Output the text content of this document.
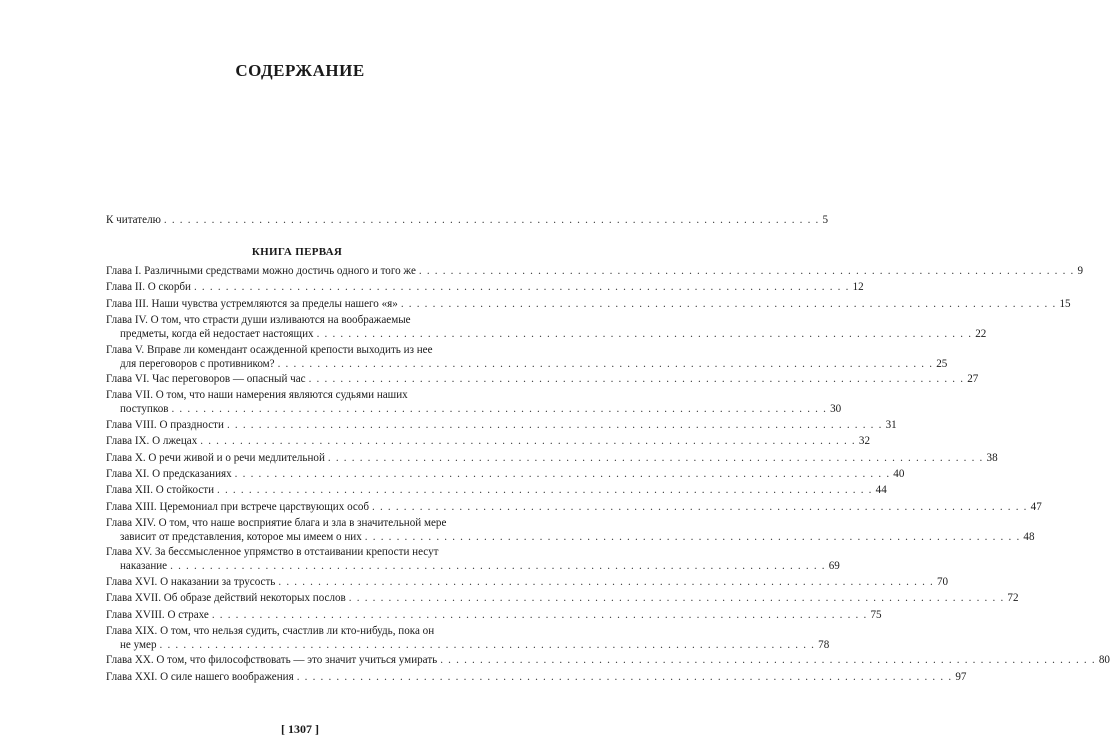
СОДЕРЖАНИЕ
К читателю . . . . . . . . . . . . . . . . . . . . . . . . . . . . . . . . . . . . . . . . . . . . . . . . . . . . . . . . . . . . . . . . . . . . . . . . . . . . . . . . . . . 5
КНИГА ПЕРВАЯ
Глава I. Различными средствами можно достичь одного и того же . . . . . . . . . . . . . . . . . . . . . . . . . . . . . . . . . . . . . . . . . . . . . . . . . . . . . . . . . . . . . . . . . . . . . . . . . . . . . . . . . . . 9
Глава II. О скорби . . . . . . . . . . . . . . . . . . . . . . . . . . . . . . . . . . . . . . . . . . . . . . . . . . . . . . . . . . . . . . . . . . . . . . . . . . . . . . . . . . . 12
Глава III. Наши чувства устремляются за пределы нашего «я» . . . . . . . . . . . . . . . . . . . . . . . . . . . . . . . . . . . . . . . . . . . . . . . . . . . . . . . . . . . . . . . . . . . . . . . . . . . . . . . . . . . 15
Глава IV. О том, что страсти души изливаются на воображаемые
предметы, когда ей недостает настоящих . . . . . . . . . . . . . . . . . . . . . . . . . . . . . . . . . . . . . . . . . . . . . . . . . . . . . . . . . . . . . . . . . . . . . . . . . . . . . . . . . . . 22
Глава V. Вправе ли комендант осажденной крепости выходить из нее
для переговоров с противником? . . . . . . . . . . . . . . . . . . . . . . . . . . . . . . . . . . . . . . . . . . . . . . . . . . . . . . . . . . . . . . . . . . . . . . . . . . . . . . . . . . . 25
Глава VI. Час переговоров — опасный час . . . . . . . . . . . . . . . . . . . . . . . . . . . . . . . . . . . . . . . . . . . . . . . . . . . . . . . . . . . . . . . . . . . . . . . . . . . . . . . . . . . 27
Глава VII. О том, что наши намерения являются судьями наших
поступков . . . . . . . . . . . . . . . . . . . . . . . . . . . . . . . . . . . . . . . . . . . . . . . . . . . . . . . . . . . . . . . . . . . . . . . . . . . . . . . . . . . 30
Глава VIII. О праздности . . . . . . . . . . . . . . . . . . . . . . . . . . . . . . . . . . . . . . . . . . . . . . . . . . . . . . . . . . . . . . . . . . . . . . . . . . . . . . . . . . . 31
Глава IX. О лжецах . . . . . . . . . . . . . . . . . . . . . . . . . . . . . . . . . . . . . . . . . . . . . . . . . . . . . . . . . . . . . . . . . . . . . . . . . . . . . . . . . . . 32
Глава X. О речи живой и о речи медлительной . . . . . . . . . . . . . . . . . . . . . . . . . . . . . . . . . . . . . . . . . . . . . . . . . . . . . . . . . . . . . . . . . . . . . . . . . . . . . . . . . . . 38
Глава XI. О предсказаниях . . . . . . . . . . . . . . . . . . . . . . . . . . . . . . . . . . . . . . . . . . . . . . . . . . . . . . . . . . . . . . . . . . . . . . . . . . . . . . . . . . . 40
Глава XII. О стойкости . . . . . . . . . . . . . . . . . . . . . . . . . . . . . . . . . . . . . . . . . . . . . . . . . . . . . . . . . . . . . . . . . . . . . . . . . . . . . . . . . . . 44
Глава XIII. Церемониал при встрече царствующих особ . . . . . . . . . . . . . . . . . . . . . . . . . . . . . . . . . . . . . . . . . . . . . . . . . . . . . . . . . . . . . . . . . . . . . . . . . . . . . . . . . . . 47
Глава XIV. О том, что наше восприятие блага и зла в значительной мере
зависит от представления, которое мы имеем о них . . . . . . . . . . . . . . . . . . . . . . . . . . . . . . . . . . . . . . . . . . . . . . . . . . . . . . . . . . . . . . . . . . . . . . . . . . . . . . . . . . . 48
Глава XV. За бессмысленное упрямство в отстаивании крепости несут
наказание . . . . . . . . . . . . . . . . . . . . . . . . . . . . . . . . . . . . . . . . . . . . . . . . . . . . . . . . . . . . . . . . . . . . . . . . . . . . . . . . . . . 69
Глава XVI. О наказании за трусость . . . . . . . . . . . . . . . . . . . . . . . . . . . . . . . . . . . . . . . . . . . . . . . . . . . . . . . . . . . . . . . . . . . . . . . . . . . . . . . . . . . 70
Глава XVII. Об образе действий некоторых послов . . . . . . . . . . . . . . . . . . . . . . . . . . . . . . . . . . . . . . . . . . . . . . . . . . . . . . . . . . . . . . . . . . . . . . . . . . . . . . . . . . . 72
Глава XVIII. О страхе . . . . . . . . . . . . . . . . . . . . . . . . . . . . . . . . . . . . . . . . . . . . . . . . . . . . . . . . . . . . . . . . . . . . . . . . . . . . . . . . . . . 75
Глава XIX. О том, что нельзя судить, счастлив ли кто-нибудь, пока он
не умер . . . . . . . . . . . . . . . . . . . . . . . . . . . . . . . . . . . . . . . . . . . . . . . . . . . . . . . . . . . . . . . . . . . . . . . . . . . . . . . . . . . 78
Глава XX. О том, что философствовать — это значит учиться умирать . . . . . . . . . . . . . . . . . . . . . . . . . . . . . . . . . . . . . . . . . . . . . . . . . . . . . . . . . . . . . . . . . . . . . . . . . . . . . . . . . . . 80
Глава XXI. О силе нашего воображения . . . . . . . . . . . . . . . . . . . . . . . . . . . . . . . . . . . . . . . . . . . . . . . . . . . . . . . . . . . . . . . . . . . . . . . . . . . . . . . . . . . 97
[ 1307 ]
